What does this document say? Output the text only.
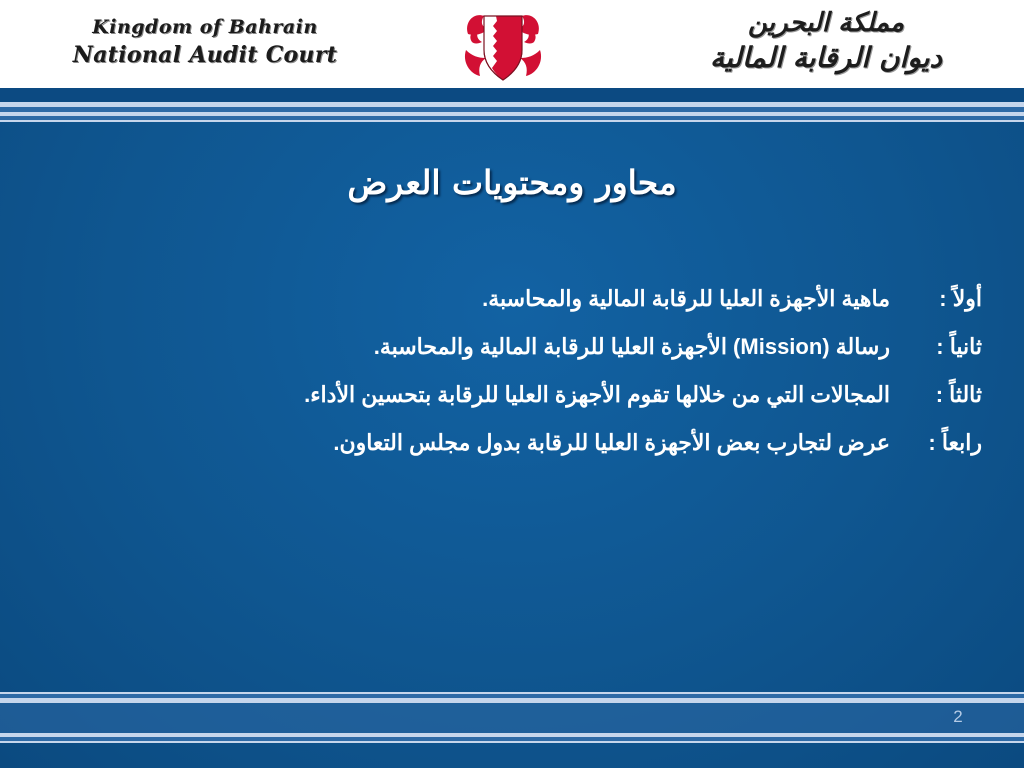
Kingdom of Bahrain
National Audit Court
مملكة البحرين
ديوان الرقابة المالية
محاور ومحتويات العرض
أولاً :ماهية الأجهزة العليا للرقابة المالية والمحاسبة.
ثانياً :رسالة (Mission) الأجهزة العليا للرقابة المالية والمحاسبة.
ثالثاً :المجالات التي من خلالها تقوم الأجهزة العليا للرقابة بتحسين الأداء.
رابعاً :عرض لتجارب بعض الأجهزة العليا للرقابة بدول مجلس التعاون.
2
